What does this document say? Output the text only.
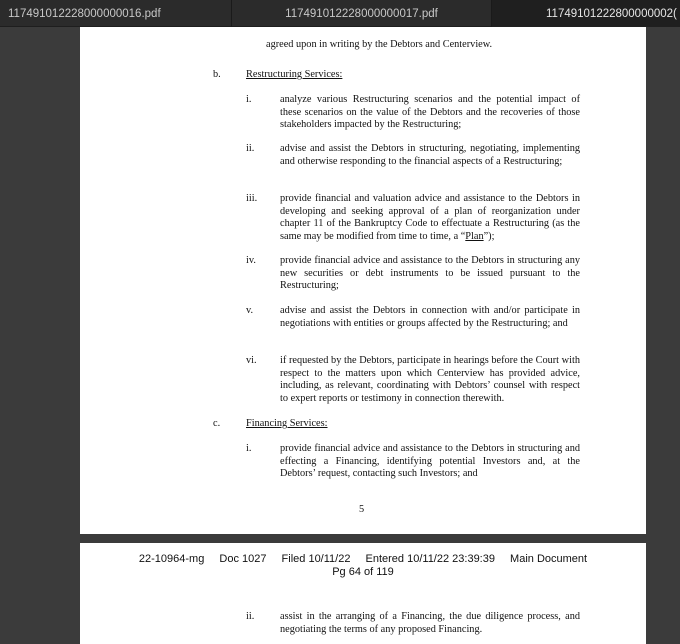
117491012228000000016.pdf	117491012228000000017.pdf	11749101222800000002(
agreed upon in writing by the Debtors and Centerview.
b. Restructuring Services:
i.	analyze various Restructuring scenarios and the potential impact of these scenarios on the value of the Debtors and the recoveries of those stakeholders impacted by the Restructuring;
ii. advise and assist the Debtors in structuring, negotiating, implementing and otherwise responding to the financial aspects of a Restructuring;
iii. provide financial and valuation advice and assistance to the Debtors in developing and seeking approval of a plan of reorganization under chapter 11 of the Bankruptcy Code to effectuate a Restructuring (as the same may be modified from time to time, a “Plan”);
iv. provide financial advice and assistance to the Debtors in structuring any new securities or debt instruments to be issued pursuant to the Restructuring;
v.	advise and assist the Debtors in connection with and/or participate in negotiations with entities or groups affected by the Restructuring; and
vi. if requested by the Debtors, participate in hearings before the Court with respect to the matters upon which Centerview has provided advice, including, as relevant, coordinating with Debtors’ counsel with respect to expert reports or testimony in connection therewith.
c.	Financing Services:
i.	provide financial advice and assistance to the Debtors in structuring and effecting a Financing, identifying potential Investors and, at the Debtors’ request, contacting such Investors; and
5
22-10964-mg Doc 1027 Filed 10/11/22 Entered 10/11/22 23:39:39 Main Document
Pg 64 of 119
ii. assist in the arranging of a Financing, the due diligence process, and negotiating the terms of any proposed Financing.
